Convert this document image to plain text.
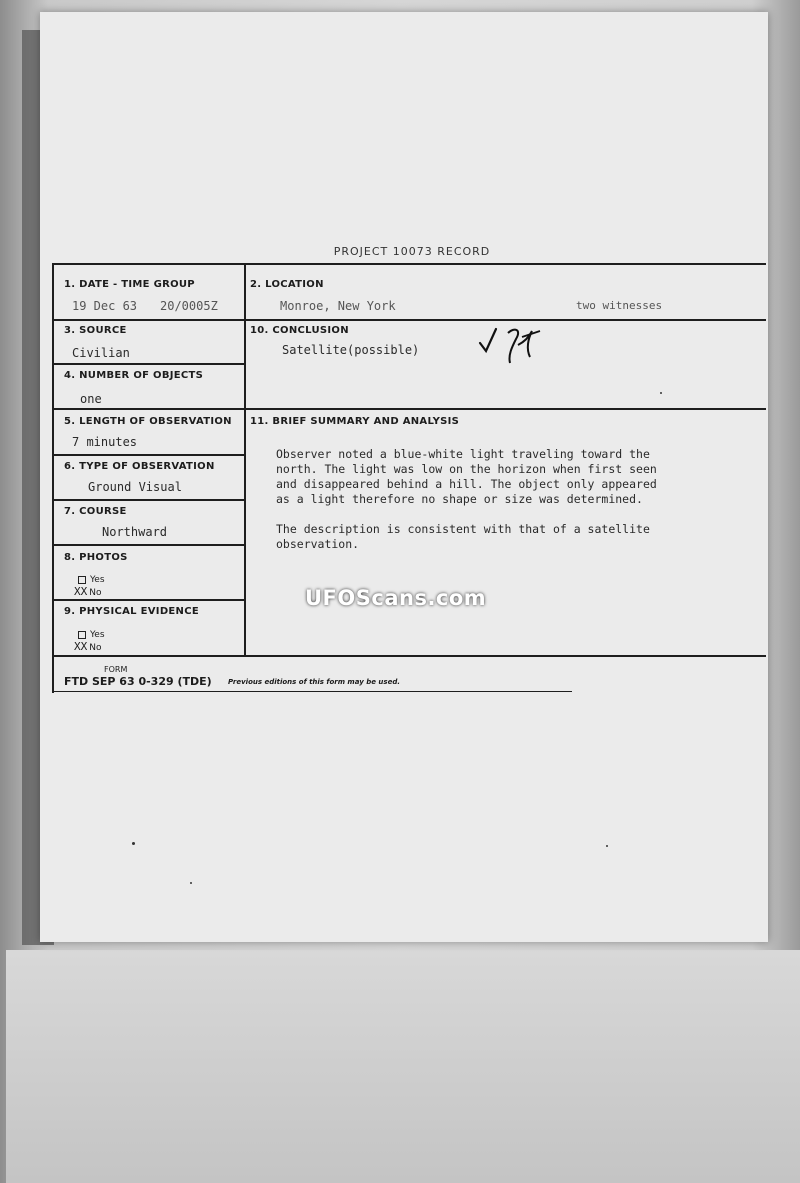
PROJECT 10073 RECORD
1. DATE - TIME GROUP
19 Dec 63 20/0005Z
2. LOCATION
Monroe, New York	two witnesses
3. SOURCE
Civilian
10. CONCLUSION
Satellite(possible)
4. NUMBER OF OBJECTS
one
5. LENGTH OF OBSERVATION
7 minutes
11. BRIEF SUMMARY AND ANALYSIS
Observer noted a blue-white light traveling toward the
north. The light was low on the horizon when first seen
and disappeared behind a hill. The object only appeared
as a light therefore no shape or size was determined.
The description is consistent with that of a satellite
observation.
6. TYPE OF OBSERVATION
Ground Visual
7. COURSE
Northward
8. PHOTOS
Yes
XX No
9. PHYSICAL EVIDENCE
Yes
XX No
FORM
FTD SEP 63 0-329 (TDE) Previous editions of this form may be used.
UFOScans.com
